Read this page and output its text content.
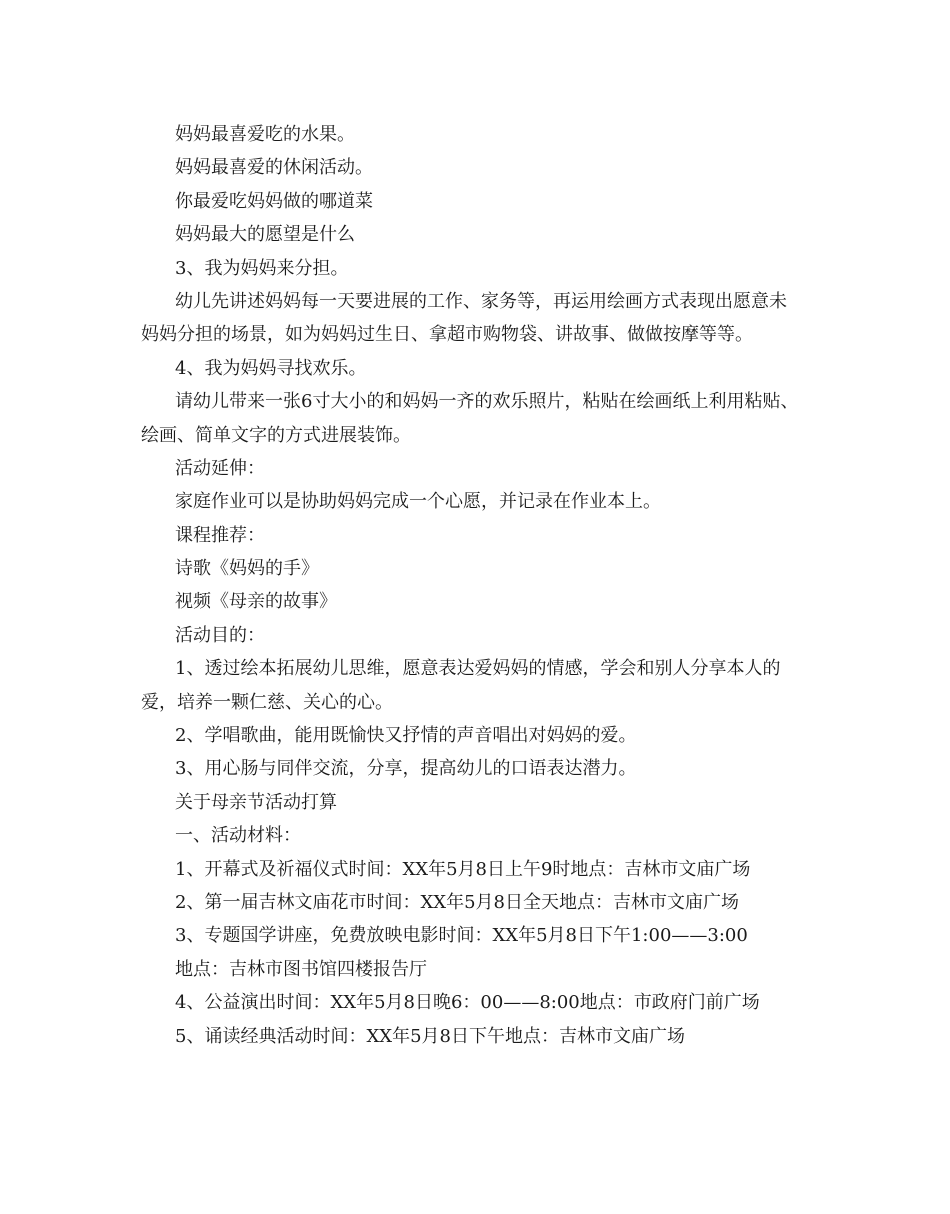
妈妈最喜爱吃的水果。
妈妈最喜爱的休闲活动。
你最爱吃妈妈做的哪道菜
妈妈最大的愿望是什么
3、我为妈妈来分担。
幼儿先讲述妈妈每一天要进展的工作、家务等，再运用绘画方式表现出愿意未
妈妈分担的场景，如为妈妈过生日、拿超市购物袋、讲故事、做做按摩等等。
4、我为妈妈寻找欢乐。
请幼儿带来一张6寸大小的和妈妈一齐的欢乐照片，粘贴在绘画纸上利用粘贴、
绘画、简单文字的方式进展装饰。
活动延伸：
家庭作业可以是协助妈妈完成一个心愿，并记录在作业本上。
课程推荐：
诗歌《妈妈的手》
视频《母亲的故事》
活动目的：
1、透过绘本拓展幼儿思维，愿意表达爱妈妈的情感，学会和别人分享本人的
爱，培养一颗仁慈、关心的心。
2、学唱歌曲，能用既愉快又抒情的声音唱出对妈妈的爱。
3、用心肠与同伴交流，分享，提高幼儿的口语表达潜力。
关于母亲节活动打算
一、活动材料：
1、开幕式及祈福仪式时间：XX年5月8日上午9时地点：吉林市文庙广场
2、第一届吉林文庙花市时间：XX年5月8日全天地点：吉林市文庙广场
3、专题国学讲座，免费放映电影时间：XX年5月8日下午1:00——3:00
地点：吉林市图书馆四楼报告厅
4、公益演出时间：XX年5月8日晚6：00——8:00地点：市政府门前广场
5、诵读经典活动时间：XX年5月8日下午地点：吉林市文庙广场
